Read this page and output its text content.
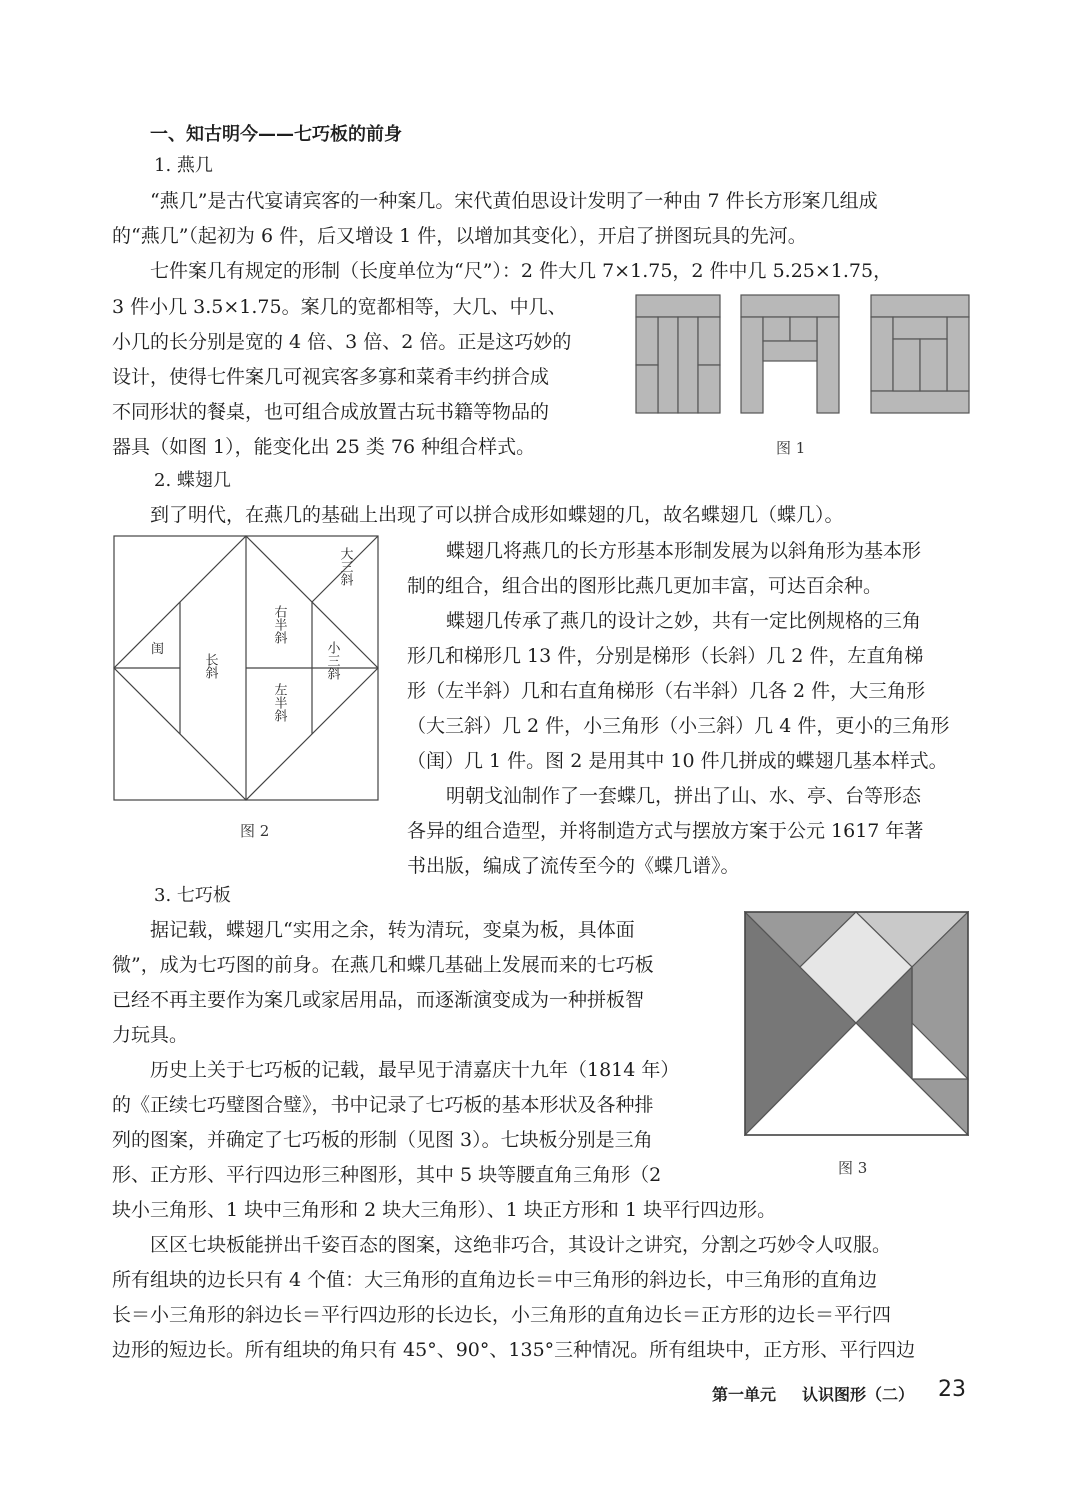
一、知古明今——七巧板的前身
1. 燕几
“燕几”是古代宴请宾客的一种案几。宋代黄伯思设计发明了一种由 7 件长方形案几组成
的“燕几”（起初为 6 件，后又增设 1 件，以增加其变化），开启了拼图玩具的先河。
七件案几有规定的形制（长度单位为“尺”）：2 件大几 7×1.75，2 件中几 5.25×1.75，
3 件小几 3.5×1.75。案几的宽都相等，大几、中几、
小几的长分别是宽的 4 倍、3 倍、2 倍。正是这巧妙的
设计，使得七件案几可视宾客多寡和菜肴丰约拼合成
不同形状的餐桌，也可组合成放置古玩书籍等物品的
器具（如图 1），能变化出 25 类 76 种组合样式。	图 1
2. 蝶翅几
到了明代，在燕几的基础上出现了可以拼合成形如蝶翅的几，故名蝶翅几（蝶几）。
大三斜
右半斜
小三斜
左半斜
长斜
闺
图 2
蝶翅几将燕几的长方形基本形制发展为以斜角形为基本形
制的组合，组合出的图形比燕几更加丰富，可达百余种。
蝶翅几传承了燕几的设计之妙，共有一定比例规格的三角
形几和梯形几 13 件，分别是梯形（长斜）几 2 件，左直角梯
形（左半斜）几和右直角梯形（右半斜）几各 2 件，大三角形
（大三斜）几 2 件，小三角形（小三斜）几 4 件，更小的三角形
（闺）几 1 件。图 2 是用其中 10 件几拼成的蝶翅几基本样式。
明朝戈汕制作了一套蝶几，拼出了山、水、亭、台等形态
各异的组合造型，并将制造方式与摆放方案于公元 1617 年著
书出版，编成了流传至今的《蝶几谱》。
3. 七巧板
据记载，蝶翅几“实用之余，转为清玩，变桌为板，具体面
微”，成为七巧图的前身。在燕几和蝶几基础上发展而来的七巧板
已经不再主要作为案几或家居用品，而逐渐演变成为一种拼板智
力玩具。
历史上关于七巧板的记载，最早见于清嘉庆十九年（1814 年）
的《正续七巧璧图合璧》，书中记录了七巧板的基本形状及各种排
列的图案，并确定了七巧板的形制（见图 3）。七块板分别是三角
形、正方形、平行四边形三种图形，其中 5 块等腰直角三角形（2
块小三角形、1 块中三角形和 2 块大三角形）、1 块正方形和 1 块平行四边形。
图 3
区区七块板能拼出千姿百态的图案，这绝非巧合，其设计之讲究，分割之巧妙令人叹服。
所有组块的边长只有 4 个值：大三角形的直角边长＝中三角形的斜边长，中三角形的直角边
长＝小三角形的斜边长＝平行四边形的长边长，小三角形的直角边长＝正方形的边长＝平行四
边形的短边长。所有组块的角只有 45°、90°、135°三种情况。所有组块中，正方形、平行四边
第一单元 认识图形（二） 23
